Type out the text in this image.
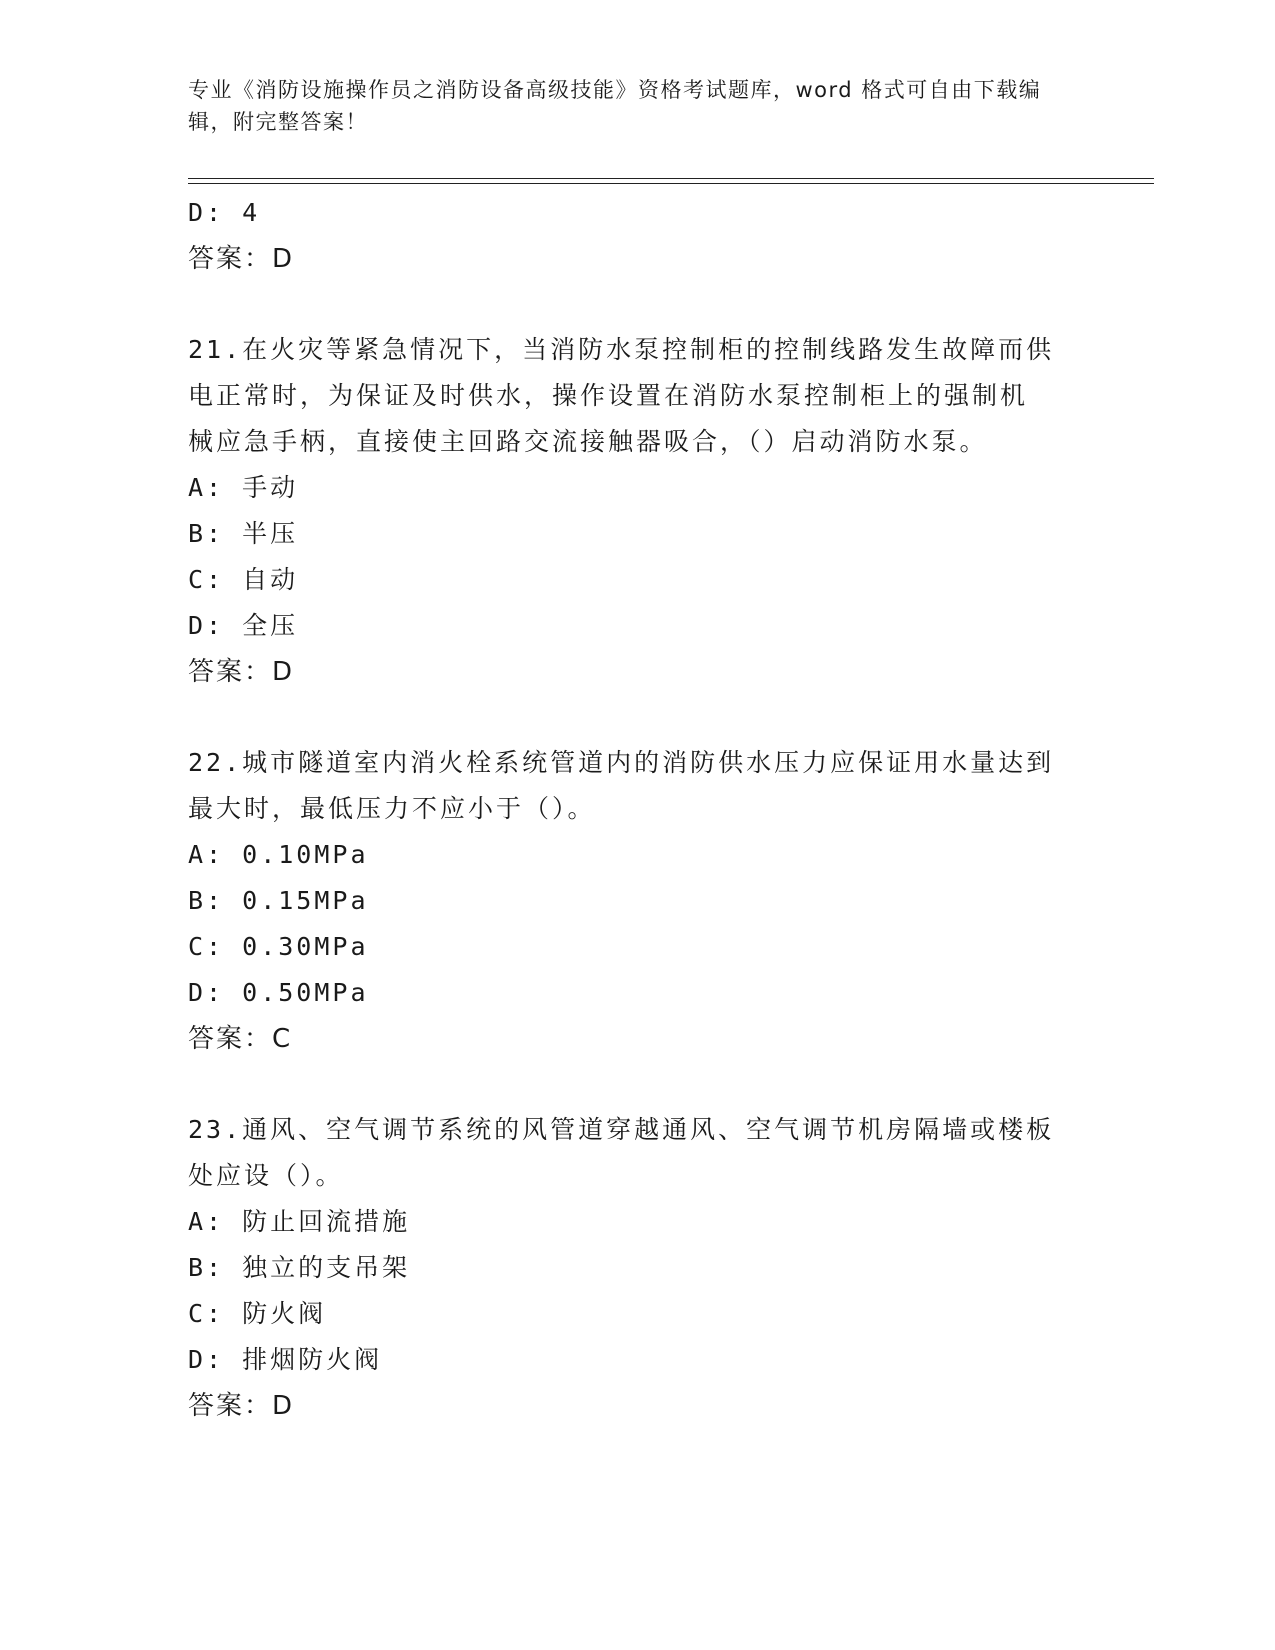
专业《消防设施操作员之消防设备高级技能》资格考试题库，word 格式可自由下载编辑，附完整答案！
D: 4
答案：D
21.在火灾等紧急情况下，当消防水泵控制柜的控制线路发生故障而供
电正常时，为保证及时供水，操作设置在消防水泵控制柜上的强制机
械应急手柄，直接使主回路交流接触器吸合，（）启动消防水泵。
A: 手动
B: 半压
C: 自动
D: 全压
答案：D
22.城市隧道室内消火栓系统管道内的消防供水压力应保证用水量达到
最大时，最低压力不应小于（）。
A: 0.10MPa
B: 0.15MPa
C: 0.30MPa
D: 0.50MPa
答案：C
23.通风、空气调节系统的风管道穿越通风、空气调节机房隔墙或楼板
处应设（）。
A: 防止回流措施
B: 独立的支吊架
C: 防火阀
D: 排烟防火阀
答案：D
